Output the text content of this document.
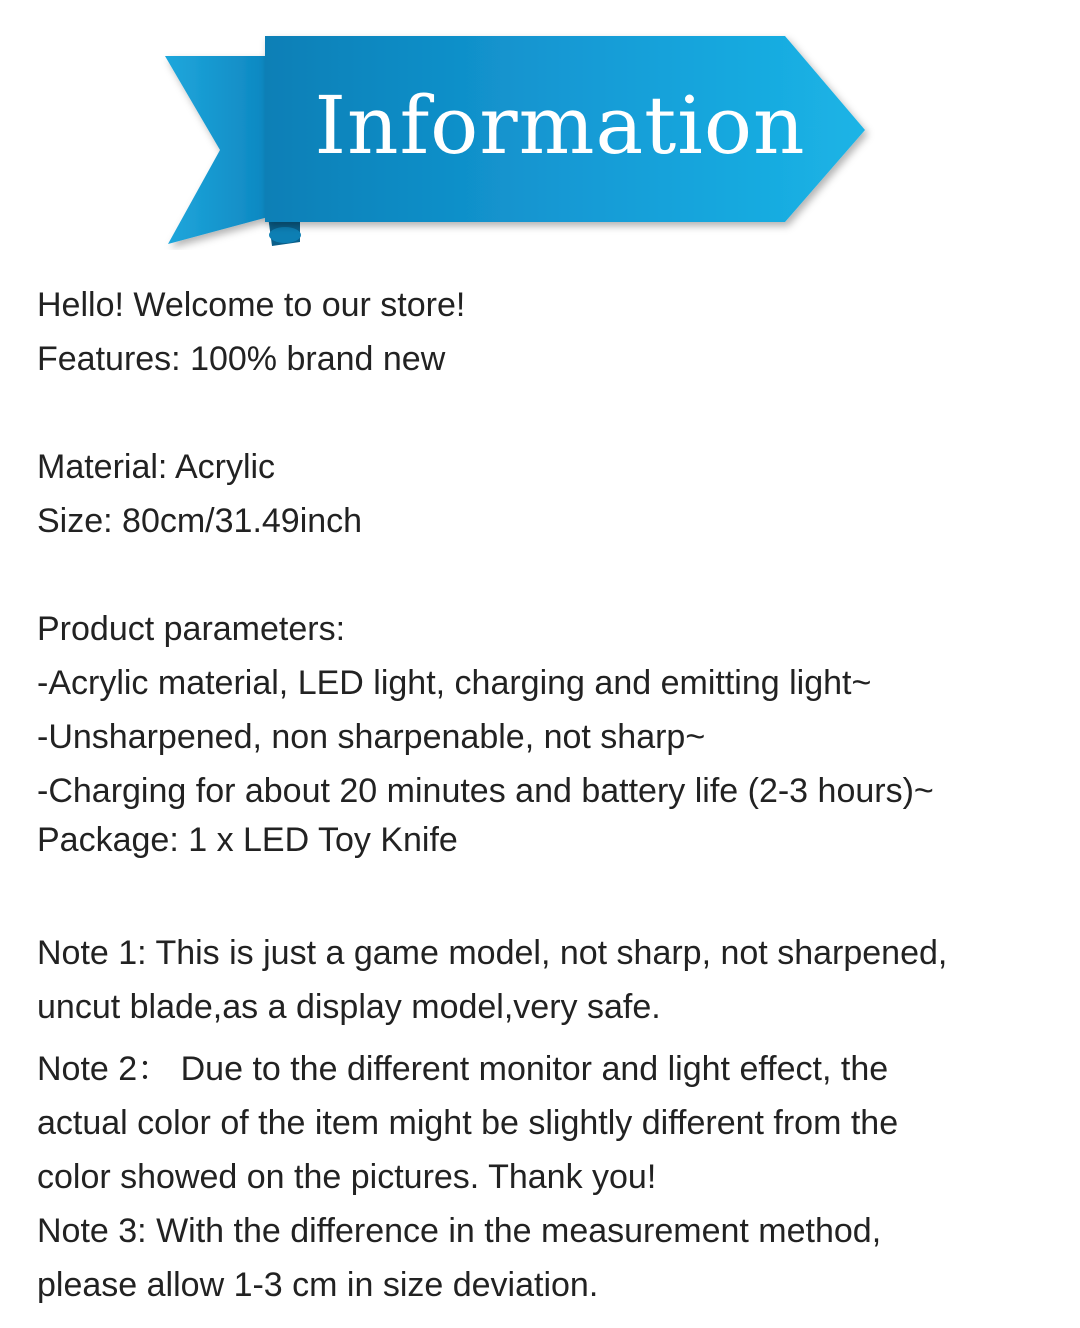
Information
Hello! Welcome to our store!
Features: 100% brand new
Material: Acrylic
Size: 80cm/31.49inch
Product parameters:
-Acrylic material, LED light, charging and emitting light~
-Unsharpened, non sharpenable, not sharp~
-Charging for about 20 minutes and battery life (2-3 hours)~
Package: 1 x LED Toy Knife
Note 1: This is just a game model, not sharp, not sharpened,
uncut blade,as a display model,very safe.
Note 2： Due to the different monitor and light effect, the
actual color of the item might be slightly different from the
color showed on the pictures. Thank you!
Note 3: With the difference in the measurement method,
please allow 1-3 cm in size deviation.
